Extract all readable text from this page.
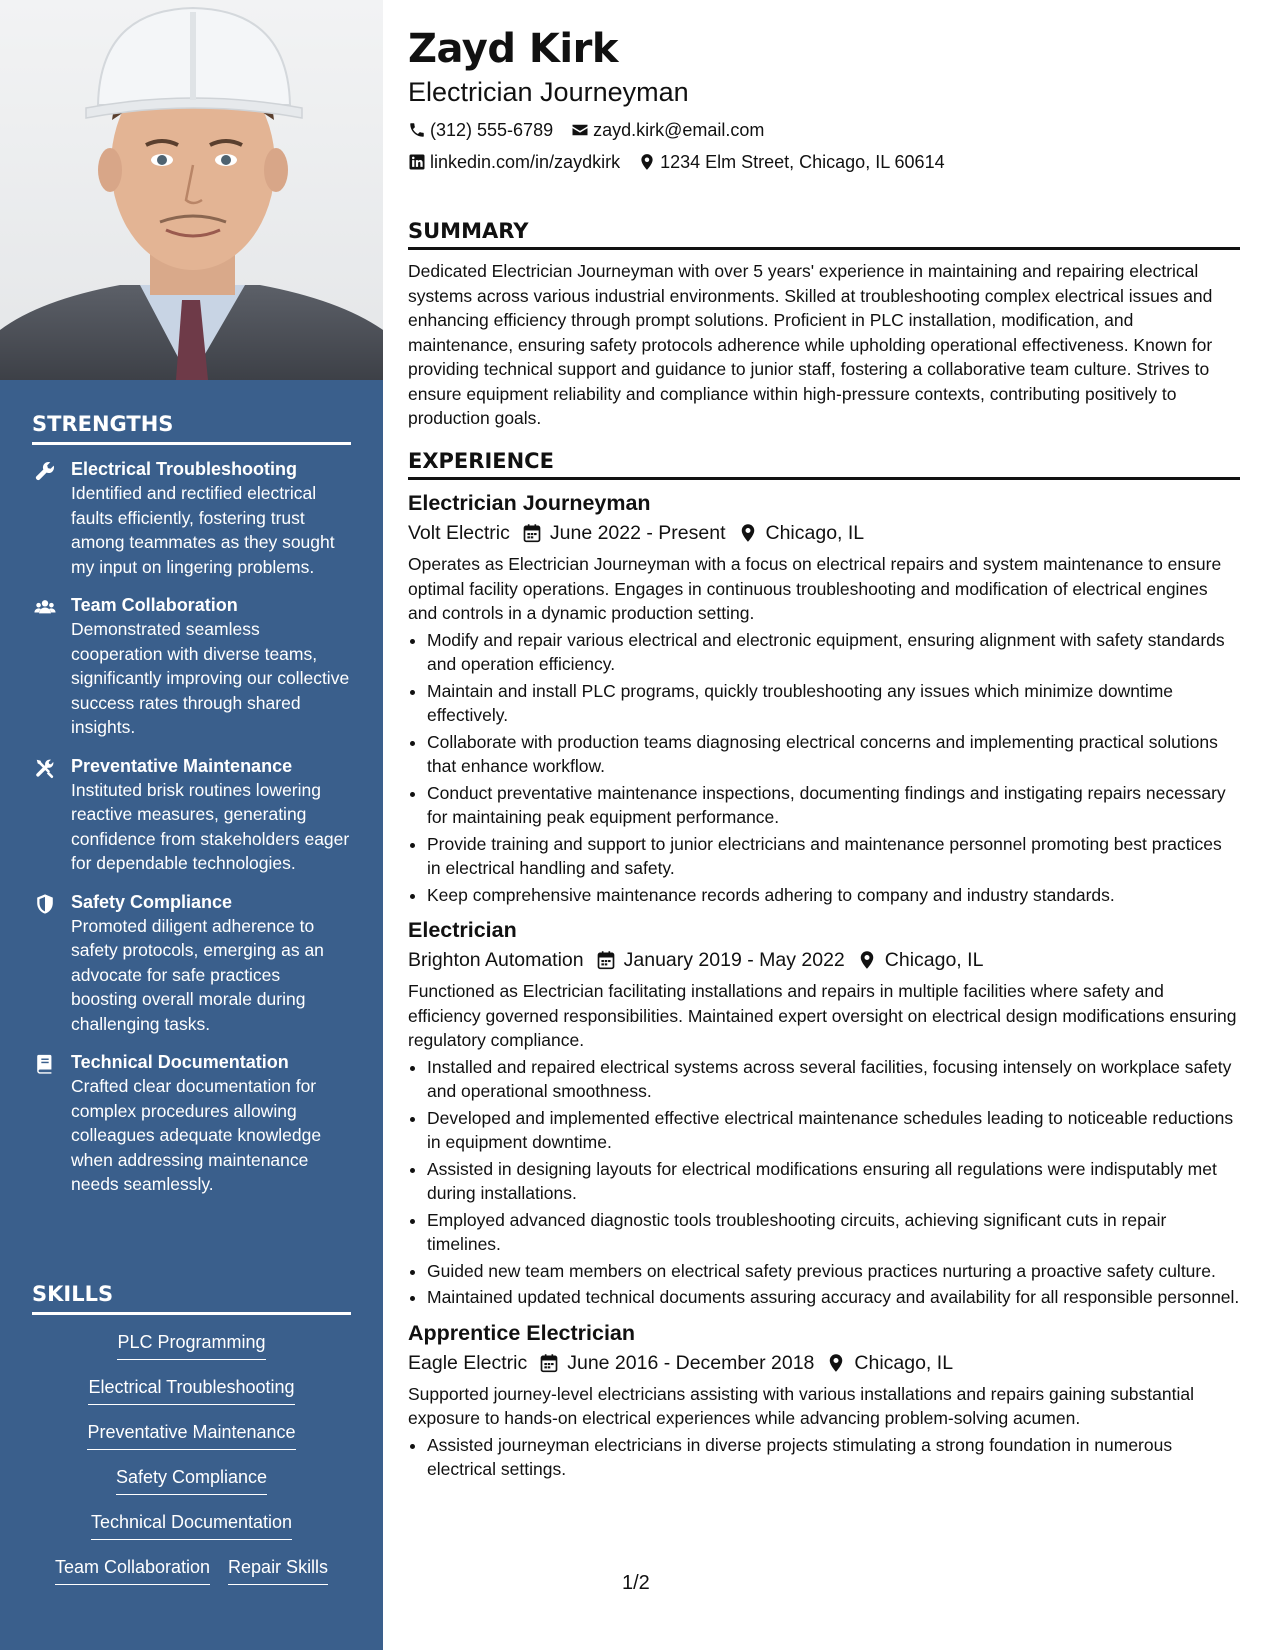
STRENGTHS
Electrical Troubleshooting
Identified and rectified electrical faults efficiently, fostering trust among teammates as they sought my input on lingering problems.
Team Collaboration
Demonstrated seamless cooperation with diverse teams, significantly improving our collective success rates through shared insights.
Preventative Maintenance
Instituted brisk routines lowering reactive measures, generating confidence from stakeholders eager for dependable technologies.
Safety Compliance
Promoted diligent adherence to safety protocols, emerging as an advocate for safe practices boosting overall morale during challenging tasks.
Technical Documentation
Crafted clear documentation for complex procedures allowing colleagues adequate knowledge when addressing maintenance needs seamlessly.
SKILLS
PLC Programming
Electrical Troubleshooting
Preventative Maintenance
Safety Compliance
Technical Documentation
Team Collaboration Repair Skills
Zayd Kirk
Electrician Journeyman
(312) 555-6789 zayd.kirk@email.com
linkedin.com/in/zaydkirk 1234 Elm Street, Chicago, IL 60614
SUMMARY
Dedicated Electrician Journeyman with over 5 years' experience in maintaining and repairing electrical systems across various industrial environments. Skilled at troubleshooting complex electrical issues and enhancing efficiency through prompt solutions. Proficient in PLC installation, modification, and maintenance, ensuring safety protocols adherence while upholding operational effectiveness. Known for providing technical support and guidance to junior staff, fostering a collaborative team culture. Strives to ensure equipment reliability and compliance within high-pressure contexts, contributing positively to production goals.
EXPERIENCE
Electrician Journeyman
Volt Electric June 2022 - Present Chicago, IL
Operates as Electrician Journeyman with a focus on electrical repairs and system maintenance to ensure optimal facility operations. Engages in continuous troubleshooting and modification of electrical engines and controls in a dynamic production setting.
• Modify and repair various electrical and electronic equipment, ensuring alignment with safety standards and operation efficiency.
• Maintain and install PLC programs, quickly troubleshooting any issues which minimize downtime effectively.
• Collaborate with production teams diagnosing electrical concerns and implementing practical solutions that enhance workflow.
• Conduct preventative maintenance inspections, documenting findings and instigating repairs necessary for maintaining peak equipment performance.
• Provide training and support to junior electricians and maintenance personnel promoting best practices in electrical handling and safety.
• Keep comprehensive maintenance records adhering to company and industry standards.
Electrician
Brighton Automation January 2019 - May 2022 Chicago, IL
Functioned as Electrician facilitating installations and repairs in multiple facilities where safety and efficiency governed responsibilities. Maintained expert oversight on electrical design modifications ensuring regulatory compliance.
• Installed and repaired electrical systems across several facilities, focusing intensely on workplace safety and operational smoothness.
• Developed and implemented effective electrical maintenance schedules leading to noticeable reductions in equipment downtime.
• Assisted in designing layouts for electrical modifications ensuring all regulations were indisputably met during installations.
• Employed advanced diagnostic tools troubleshooting circuits, achieving significant cuts in repair timelines.
• Guided new team members on electrical safety previous practices nurturing a proactive safety culture.
• Maintained updated technical documents assuring accuracy and availability for all responsible personnel.
Apprentice Electrician
Eagle Electric June 2016 - December 2018 Chicago, IL
Supported journey-level electricians assisting with various installations and repairs gaining substantial exposure to hands-on electrical experiences while advancing problem-solving acumen.
• Assisted journeyman electricians in diverse projects stimulating a strong foundation in numerous electrical settings.
1/2
